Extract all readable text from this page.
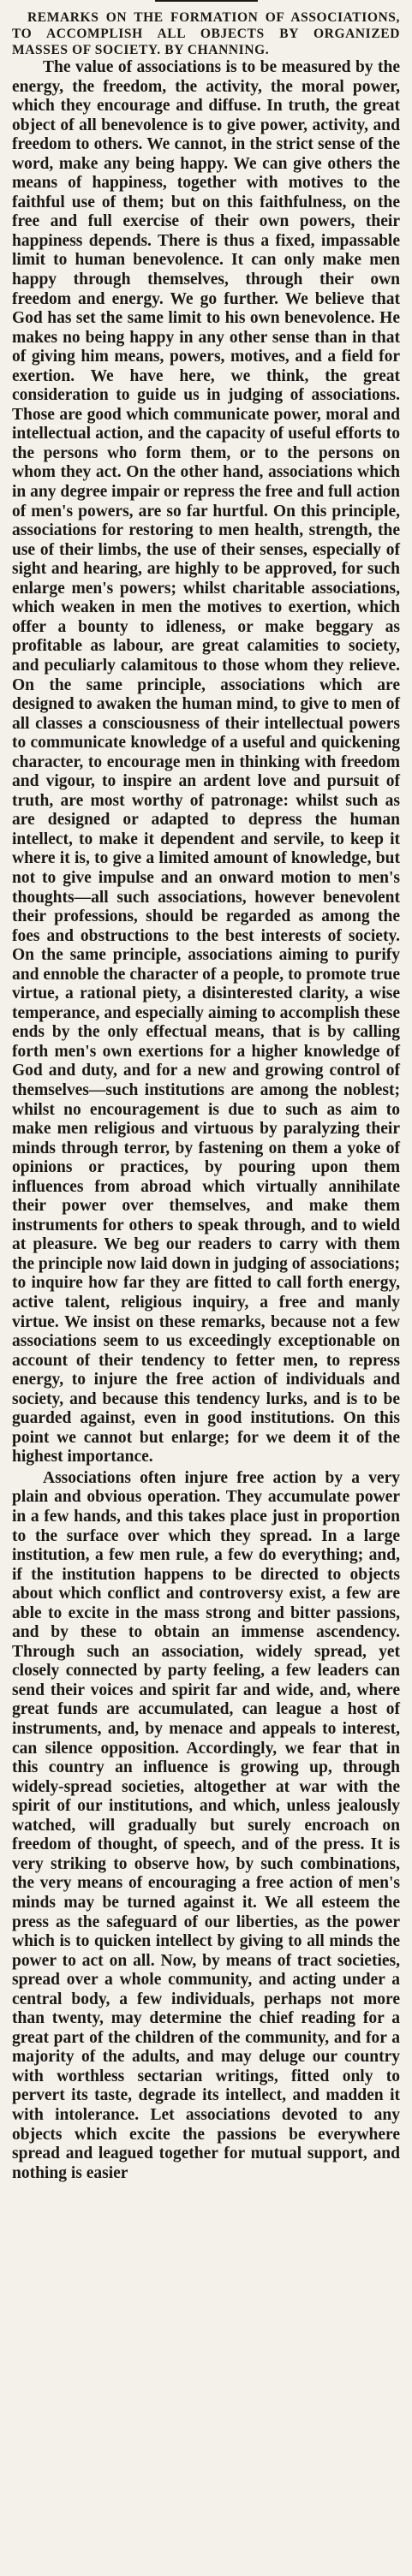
REMARKS ON THE FORMATION OF ASSOCIATIONS, TO ACCOMPLISH ALL OBJECTS BY ORGANIZED MASSES OF SOCIETY. BY CHANNING.

The value of associations is to be measured by the energy, the freedom, the activity, the moral power, which they encourage and diffuse. In truth, the great object of all benevolence is to give power, activity, and freedom to others. We cannot, in the strict sense of the word, make any being happy. We can give others the means of happiness, together with motives to the faithful use of them; but on this faithfulness, on the free and full exercise of their own powers, their happiness depends. There is thus a fixed, impassable limit to human benevolence. It can only make men happy through themselves, through their own freedom and energy. We go further. We believe that God has set the same limit to his own benevolence. He makes no being happy in any other sense than in that of giving him means, powers, motives, and a field for exertion. We have here, we think, the great consideration to guide us in judging of associations. Those are good which communicate power, moral and intellectual action, and the capacity of useful efforts to the persons who form them, or to the persons on whom they act. On the other hand, associations which in any degree impair or repress the free and full action of men's powers, are so far hurtful. On this principle, associations for restoring to men health, strength, the use of their limbs, the use of their senses, especially of sight and hearing, are highly to be approved, for such enlarge men's powers; whilst charitable associations, which weaken in men the motives to exertion, which offer a bounty to idleness, or make beggary as profitable as labour, are great calamities to society, and peculiarly calamitous to those whom they relieve. On the same principle, associations which are designed to awaken the human mind, to give to men of all classes a consciousness of their intellectual powers to communicate knowledge of a useful and quickening character, to encourage men in thinking with freedom and vigour, to inspire an ardent love and pursuit of truth, are most worthy of patronage: whilst such as are designed or adapted to depress the human intellect, to make it dependent and servile, to keep it where it is, to give a limited amount of knowledge, but not to give impulse and an onward motion to men's thoughts—all such associations, however benevolent their professions, should be regarded as among the foes and obstructions to the best interests of society. On the same principle, associations aiming to purify and ennoble the character of a people, to promote true virtue, a rational piety, a disinterested clarity, a wise temperance, and especially aiming to accomplish these ends by the only effectual means, that is by calling forth men's own exertions for a higher knowledge of God and duty, and for a new and growing control of themselves—such institutions are among the noblest; whilst no encouragement is due to such as aim to make men religious and virtuous by paralyzing their minds through terror, by fastening on them a yoke of opinions or practices, by pouring upon them influences from abroad which virtually annihilate their power over themselves, and make them instruments for others to speak through, and to wield at pleasure. We beg our readers to carry with them the principle now laid down in judging of associations; to inquire how far they are fitted to call forth energy, active talent, religious inquiry, a free and manly virtue. We insist on these remarks, because not a few associations seem to us exceedingly exceptionable on account of their tendency to fetter men, to repress energy, to injure the free action of individuals and society, and because this tendency lurks, and is to be guarded against, even in good institutions. On this point we cannot but enlarge; for we deem it of the highest importance.

Associations often injure free action by a very plain and obvious operation. They accumulate power in a few hands, and this takes place just in proportion to the surface over which they spread. In a large institution, a few men rule, a few do everything; and, if the institution happens to be directed to objects about which conflict and controversy exist, a few are able to excite in the mass strong and bitter passions, and by these to obtain an immense ascendency. Through such an association, widely spread, yet closely connected by party feeling, a few leaders can send their voices and spirit far and wide, and, where great funds are accumulated, can league a host of instruments, and, by menace and appeals to interest, can silence opposition. Accordingly, we fear that in this country an influence is growing up, through widely-spread societies, altogether at war with the spirit of our institutions, and which, unless jealously watched, will gradually but surely encroach on freedom of thought, of speech, and of the press. It is very striking to observe how, by such combinations, the very means of encouraging a free action of men's minds may be turned against it. We all esteem the press as the safeguard of our liberties, as the power which is to quicken intellect by giving to all minds the power to act on all. Now, by means of tract societies, spread over a whole community, and acting under a central body, a few individuals, perhaps not more than twenty, may determine the chief reading for a great part of the children of the community, and for a majority of the adults, and may deluge our country with worthless sectarian writings, fitted only to pervert its taste, degrade its intellect, and madden it with intolerance. Let associations devoted to any objects which excite the passions be everywhere spread and leagued together for mutual support, and nothing is easier
